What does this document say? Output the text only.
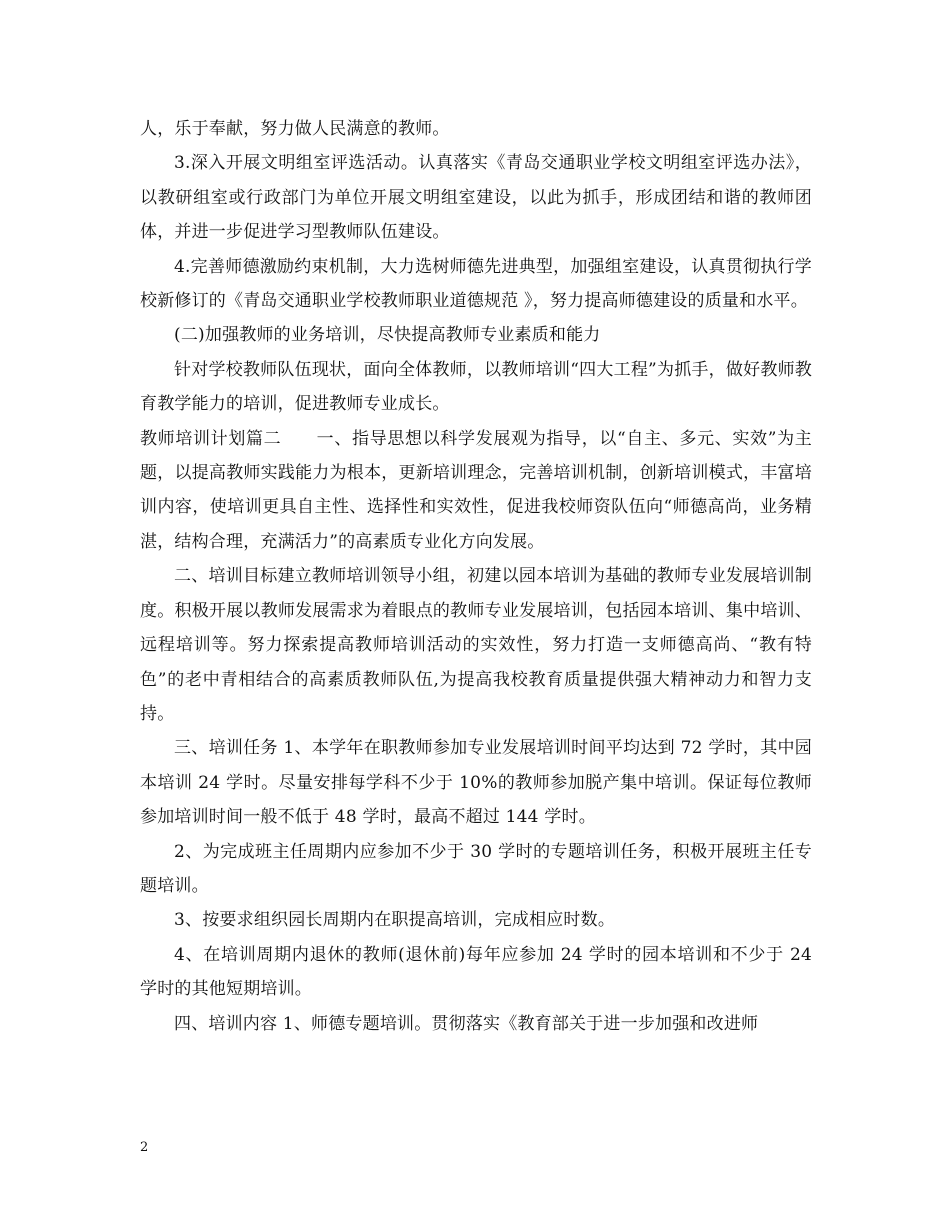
人，乐于奉献，努力做人民满意的教师。

3.深入开展文明组室评选活动。认真落实《青岛交通职业学校文明组室评选办法》，以教研组室或行政部门为单位开展文明组室建设，以此为抓手，形成团结和谐的教师团体，并进一步促进学习型教师队伍建设。

4.完善师德激励约束机制，大力选树师德先进典型，加强组室建设，认真贯彻执行学校新修订的《青岛交通职业学校教师职业道德规范 》，努力提高师德建设的质量和水平。

(二)加强教师的业务培训，尽快提高教师专业素质和能力

针对学校教师队伍现状，面向全体教师，以教师培训“四大工程”为抓手，做好教师教育教学能力的培训，促进教师专业成长。

教师培训计划篇二　　一、指导思想以科学发展观为指导，以“自主、多元、实效”为主题，以提高教师实践能力为根本，更新培训理念，完善培训机制，创新培训模式，丰富培训内容，使培训更具自主性、选择性和实效性，促进我校师资队伍向“师德高尚，业务精湛，结构合理，充满活力”的高素质专业化方向发展。

二、培训目标建立教师培训领导小组，初建以园本培训为基础的教师专业发展培训制度。积极开展以教师发展需求为着眼点的教师专业发展培训，包括园本培训、集中培训、远程培训等。努力探索提高教师培训活动的实效性，努力打造一支师德高尚、“教有特色”的老中青相结合的高素质教师队伍,为提高我校教育质量提供强大精神动力和智力支持。

三、培训任务 1、本学年在职教师参加专业发展培训时间平均达到 72 学时，其中园本培训 24 学时。尽量安排每学科不少于 10%的教师参加脱产集中培训。保证每位教师参加培训时间一般不低于 48 学时，最高不超过 144 学时。

2、为完成班主任周期内应参加不少于 30 学时的专题培训任务，积极开展班主任专题培训。

3、按要求组织园长周期内在职提高培训，完成相应时数。

4、在培训周期内退休的教师(退休前)每年应参加 24 学时的园本培训和不少于 24 学时的其他短期培训。

四、培训内容 1、师德专题培训。贯彻落实《教育部关于进一步加强和改进师

2
